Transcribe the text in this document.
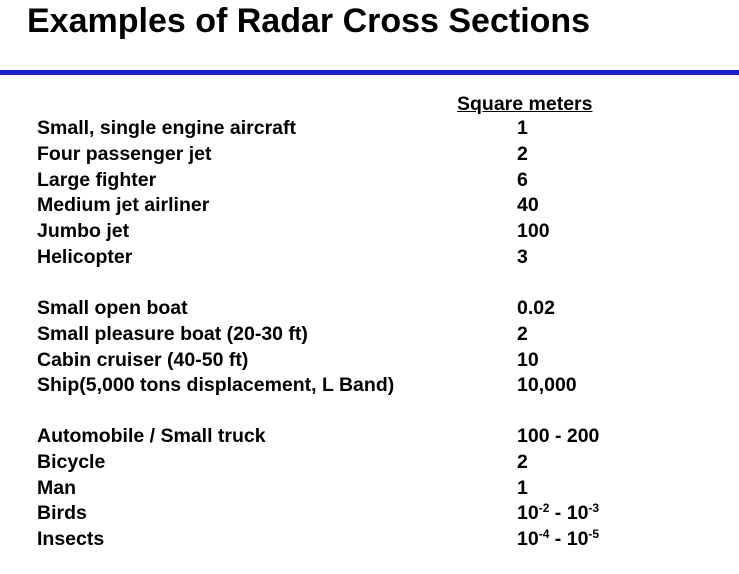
Examples of Radar Cross Sections
Square meters
Small, single engine aircraft	1
Four passenger jet	2
Large fighter	6
Medium jet airliner	40
Jumbo jet	100
Helicopter	3
Small open boat	0.02
Small pleasure boat (20-30 ft)	2
Cabin cruiser (40-50 ft)	10
Ship(5,000 tons displacement, L Band)	10,000
Automobile / Small truck	100 - 200
Bicycle	2
Man	1
Birds	$10^{-2} - 10^{-3}$
Insects	$10^{-4} - 10^{-5}$
